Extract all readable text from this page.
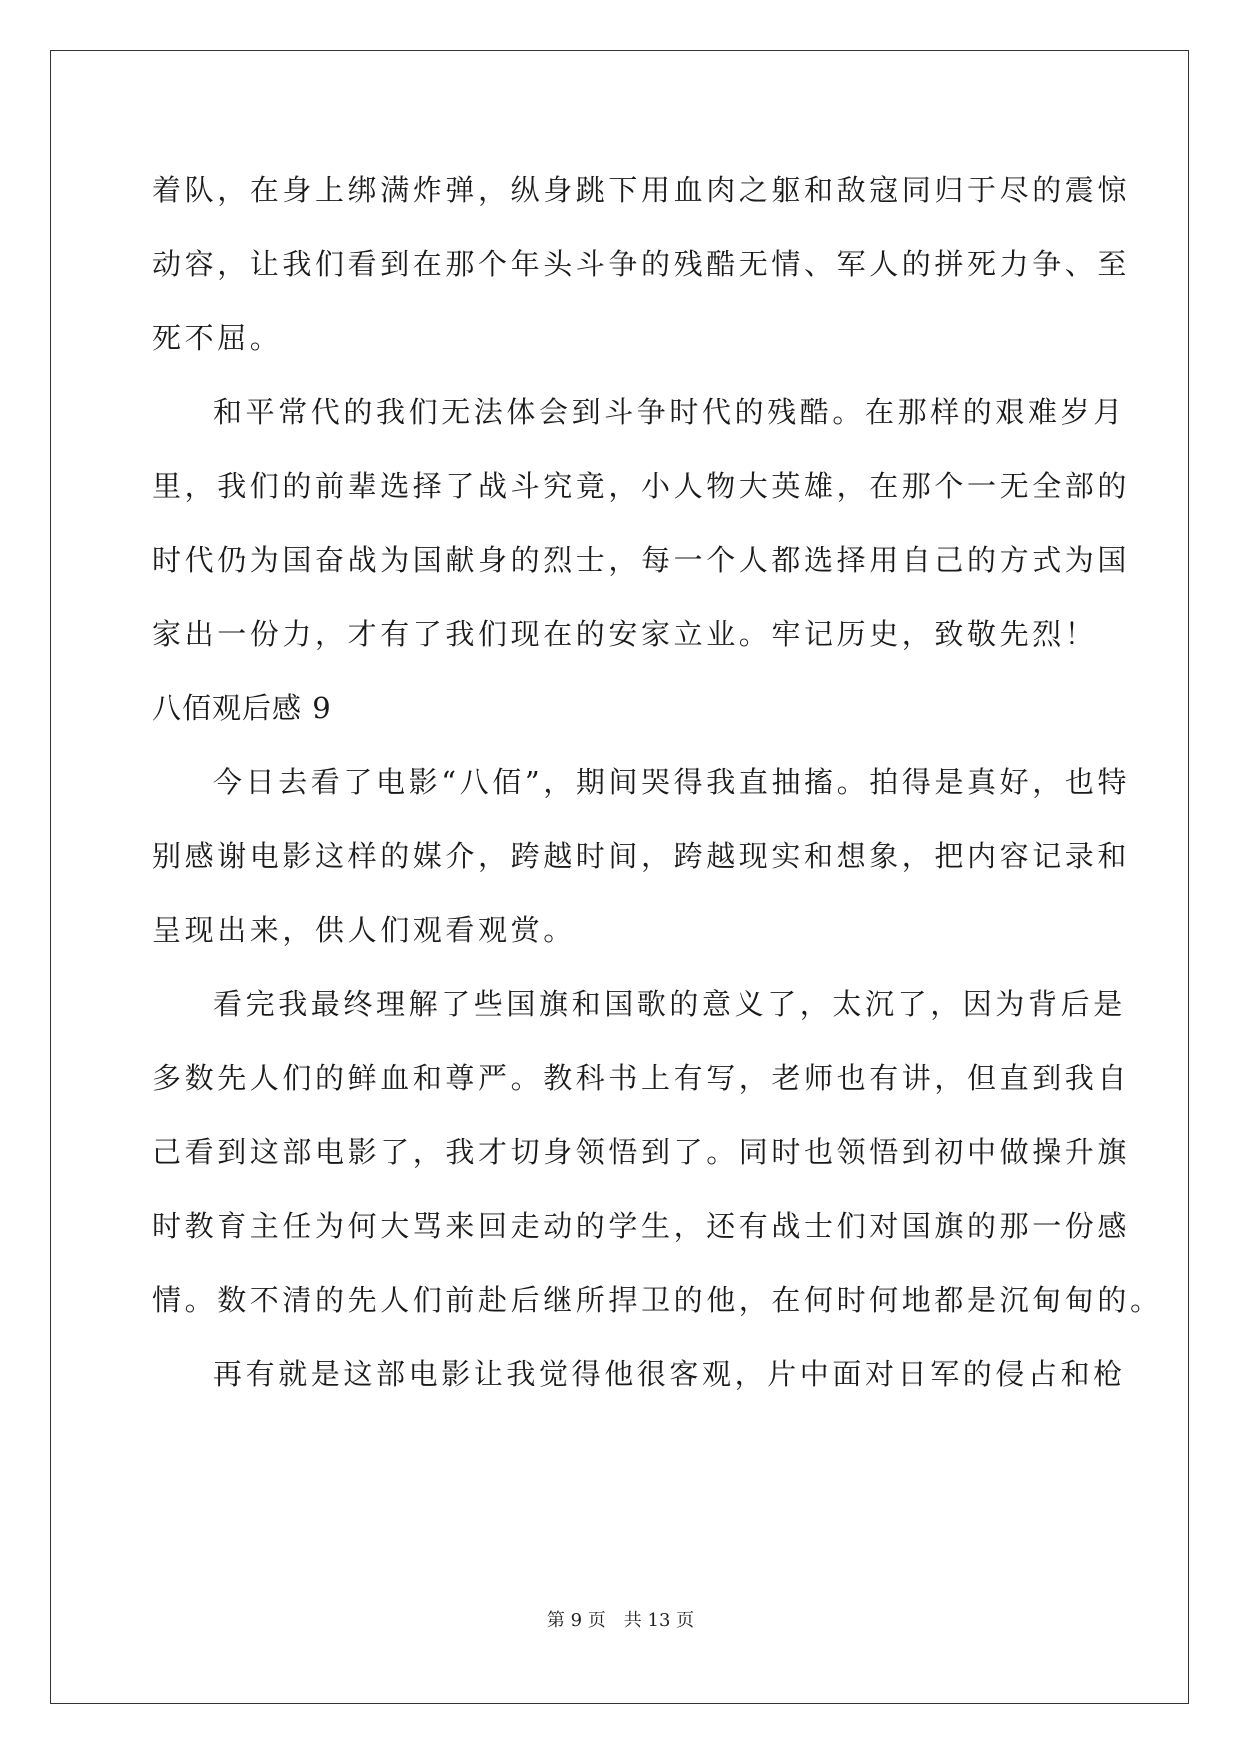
着队，在身上绑满炸弹，纵身跳下用血肉之躯和敌寇同归于尽的震惊
动容，让我们看到在那个年头斗争的残酷无情、军人的拼死力争、至
死不屈。
和平常代的我们无法体会到斗争时代的残酷。在那样的艰难岁月
里，我们的前辈选择了战斗究竟，小人物大英雄，在那个一无全部的
时代仍为国奋战为国献身的烈士，每一个人都选择用自己的方式为国
家出一份力，才有了我们现在的安家立业。牢记历史，致敬先烈！
八佰观后感 9
今日去看了电影“八佰”，期间哭得我直抽搐。拍得是真好，也特
别感谢电影这样的媒介，跨越时间，跨越现实和想象，把内容记录和
呈现出来，供人们观看观赏。
看完我最终理解了些国旗和国歌的意义了，太沉了，因为背后是
多数先人们的鲜血和尊严。教科书上有写，老师也有讲，但直到我自
己看到这部电影了，我才切身领悟到了。同时也领悟到初中做操升旗
时教育主任为何大骂来回走动的学生，还有战士们对国旗的那一份感
情。数不清的先人们前赴后继所捍卫的他，在何时何地都是沉甸甸的。
再有就是这部电影让我觉得他很客观，片中面对日军的侵占和枪
第 9 页 共 13 页
